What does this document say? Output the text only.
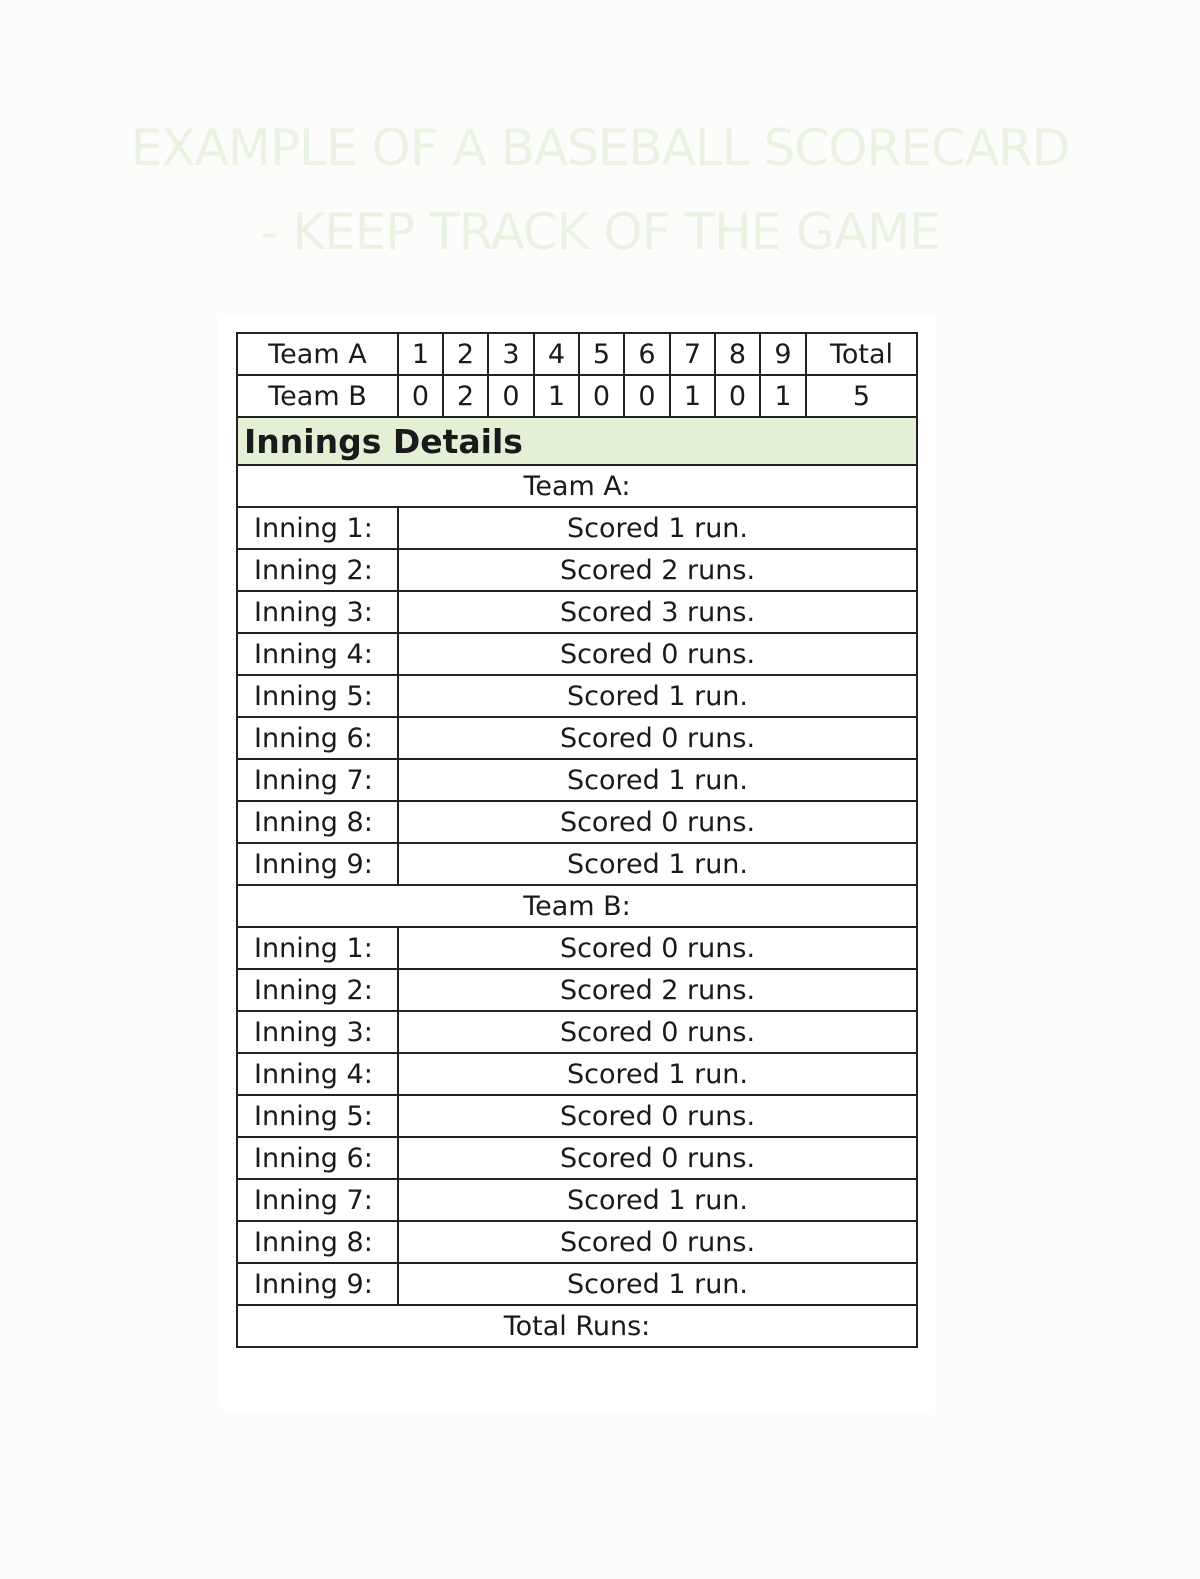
EXAMPLE OF A BASEBALL SCORECARD
- KEEP TRACK OF THE GAME
Team A	1	2	3	4	5	6	7	8	9	Total
Team B	0	2	0	1	0	0	1	0	1	5
Innings Details										
Team A:										
Inning 1:	Scored 1 run.									
Inning 2:	Scored 2 runs.									
Inning 3:	Scored 3 runs.									
Inning 4:	Scored 0 runs.									
Inning 5:	Scored 1 run.									
Inning 6:	Scored 0 runs.									
Inning 7:	Scored 1 run.									
Inning 8:	Scored 0 runs.									
Inning 9:	Scored 1 run.									
Team B:										
Inning 1:	Scored 0 runs.									
Inning 2:	Scored 2 runs.									
Inning 3:	Scored 0 runs.									
Inning 4:	Scored 1 run.									
Inning 5:	Scored 0 runs.									
Inning 6:	Scored 0 runs.									
Inning 7:	Scored 1 run.									
Inning 8:	Scored 0 runs.									
Inning 9:	Scored 1 run.									
Total Runs:										
